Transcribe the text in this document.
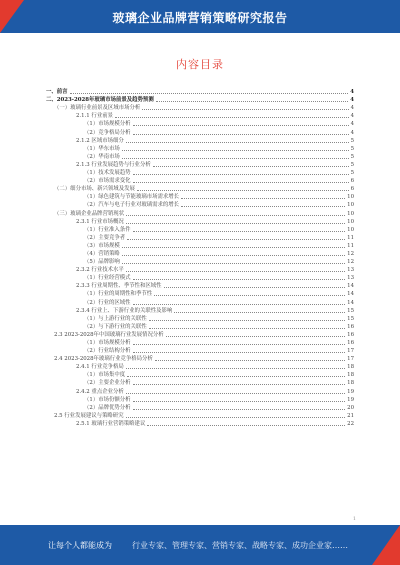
玻璃企业品牌营销策略研究报告
内容目录
一、前言	4
二、2023-2028年玻璃市场前景及趋势预测	4
（一）玻璃行业前景及区域市场分析	4
2.1.1 行业前景	4
（1）市场规模分析	4
（2）竞争格局分析	4
2.1.2 区域市场细分	5
（1）华东市场	5
（2）华南市场	5
2.1.3 行业发展趋势与行业分析	5
（1）技术发展趋势	5
（2）市场需求变化	6
（二）细分市场、新兴领域及发展	6
（1）绿色建筑与节能玻璃市场需求增长	10
（2）汽车与电子行业对玻璃需求的增长	10
（三）玻璃企业品牌营销现状	10
2.3.1 行业市场概况	10
（1）行业准入条件	10
（2）主要竞争者	11
（3）市场规模	11
（4）营销策略	12
（5）品牌影响	12
2.3.2 行业技术水平	13
（1）行业经营模式	13
2.3.3 行业周期性、季节性和区域性	14
（1）行业的周期性和季节性	14
（2）行业的区域性	14
2.3.4 行业上、下游行业的关联性及影响	15
（1）与上游行业的关联性	15
（2）与下游行业的关联性	16
2.3 2023-2028年中国玻璃行业发展情况分析	16
（1）市场规模分析	16
（2）行业结构分析	17
2.4 2023-2028年玻璃行业竞争格局分析	17
2.4.1 行业竞争格局	18
（1）市场集中度	18
（2）主要企业分析	18
2.4.2 重点企业分析	19
（1）市场份额分析	19
（2）品牌优势分析	20
2.5 行业发展建议与策略研究	21
2.5.1 玻璃行业营销策略建议	22
1
让每个人都能成为	行业专家、管理专家、营销专家、战略专家、成功企业家……
